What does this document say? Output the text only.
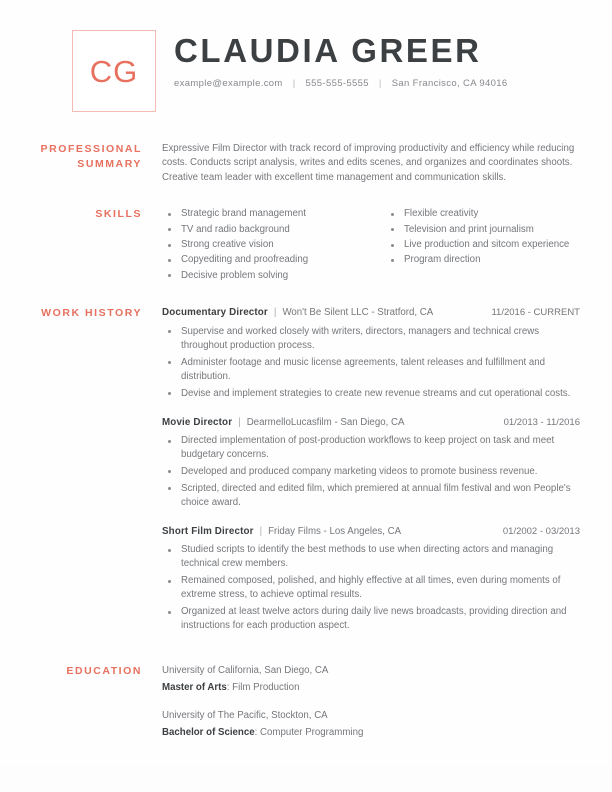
CG
CLAUDIA GREER
example@example.com | 555-555-5555 | San Francisco, CA 94016
PROFESSIONAL
SUMMARY
Expressive Film Director with track record of improving productivity and efficiency while reducing costs. Conducts script analysis, writes and edits scenes, and organizes and coordinates shoots. Creative team leader with excellent time management and communication skills.
SKILLS	Strategic brand management
TV and radio background
Strong creative vision
Copyediting and proofreading
Decisive problem solving
Flexible creativity
Television and print journalism
Live production and sitcom experience
Program direction
WORK HISTORY	Documentary Director | Won't Be Silent LLC - Stratford, CA	11/2016 - CURRENT
Supervise and worked closely with writers, directors, managers and technical crews throughout production process.
Administer footage and music license agreements, talent releases and fulfillment and distribution.
Devise and implement strategies to create new revenue streams and cut operational costs.
Movie Director | DearmelloLucasfilm - San Diego, CA	01/2013 - 11/2016
Directed implementation of post-production workflows to keep project on task and meet budgetary concerns.
Developed and produced company marketing videos to promote business revenue.
Scripted, directed and edited film, which premiered at annual film festival and won People's choice award.
Short Film Director | Friday Films - Los Angeles, CA	01/2002 - 03/2013
Studied scripts to identify the best methods to use when directing actors and managing technical crew members.
Remained composed, polished, and highly effective at all times, even during moments of extreme stress, to achieve optimal results.
Organized at least twelve actors during daily live news broadcasts, providing direction and instructions for each production aspect.
EDUCATION	University of California, San Diego, CA
Master of Arts: Film Production
University of The Pacific, Stockton, CA
Bachelor of Science: Computer Programming
